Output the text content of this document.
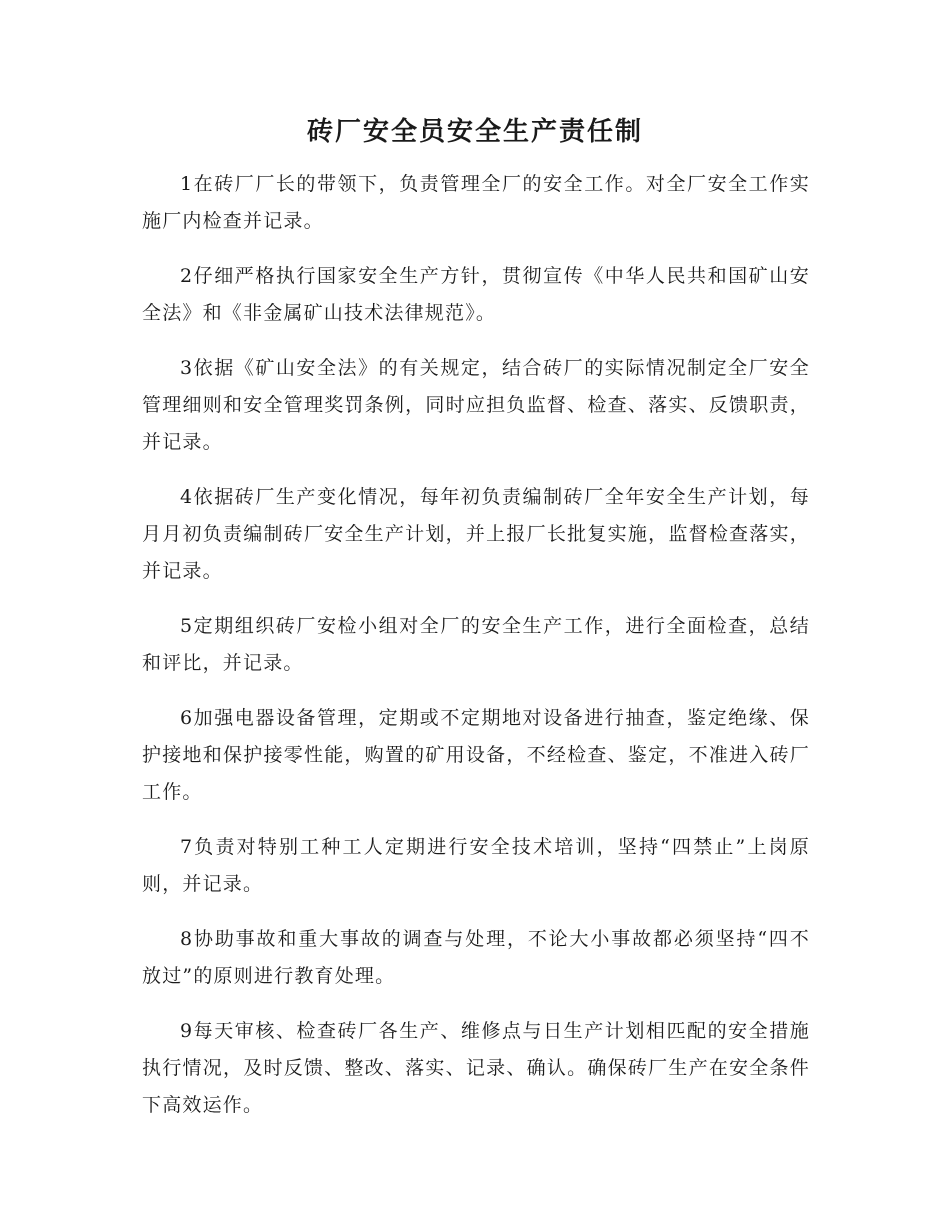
砖厂安全员安全生产责任制

1在砖厂厂长的带领下，负责管理全厂的安全工作。对全厂安全工作实施厂内检查并记录。

2仔细严格执行国家安全生产方针，贯彻宣传《中华人民共和国矿山安全法》和《非金属矿山技术法律规范》。

3依据《矿山安全法》的有关规定，结合砖厂的实际情况制定全厂安全管理细则和安全管理奖罚条例，同时应担负监督、检查、落实、反馈职责，并记录。

4依据砖厂生产变化情况，每年初负责编制砖厂全年安全生产计划，每月月初负责编制砖厂安全生产计划，并上报厂长批复实施，监督检查落实，并记录。

5定期组织砖厂安检小组对全厂的安全生产工作，进行全面检查，总结和评比，并记录。

6加强电器设备管理，定期或不定期地对设备进行抽查，鉴定绝缘、保护接地和保护接零性能，购置的矿用设备，不经检查、鉴定，不准进入砖厂工作。

7负责对特别工种工人定期进行安全技术培训，坚持“四禁止”上岗原则，并记录。

8协助事故和重大事故的调查与处理，不论大小事故都必须坚持“四不放过”的原则进行教育处理。

9每天审核、检查砖厂各生产、维修点与日生产计划相匹配的安全措施执行情况，及时反馈、整改、落实、记录、确认。确保砖厂生产在安全条件下高效运作。
